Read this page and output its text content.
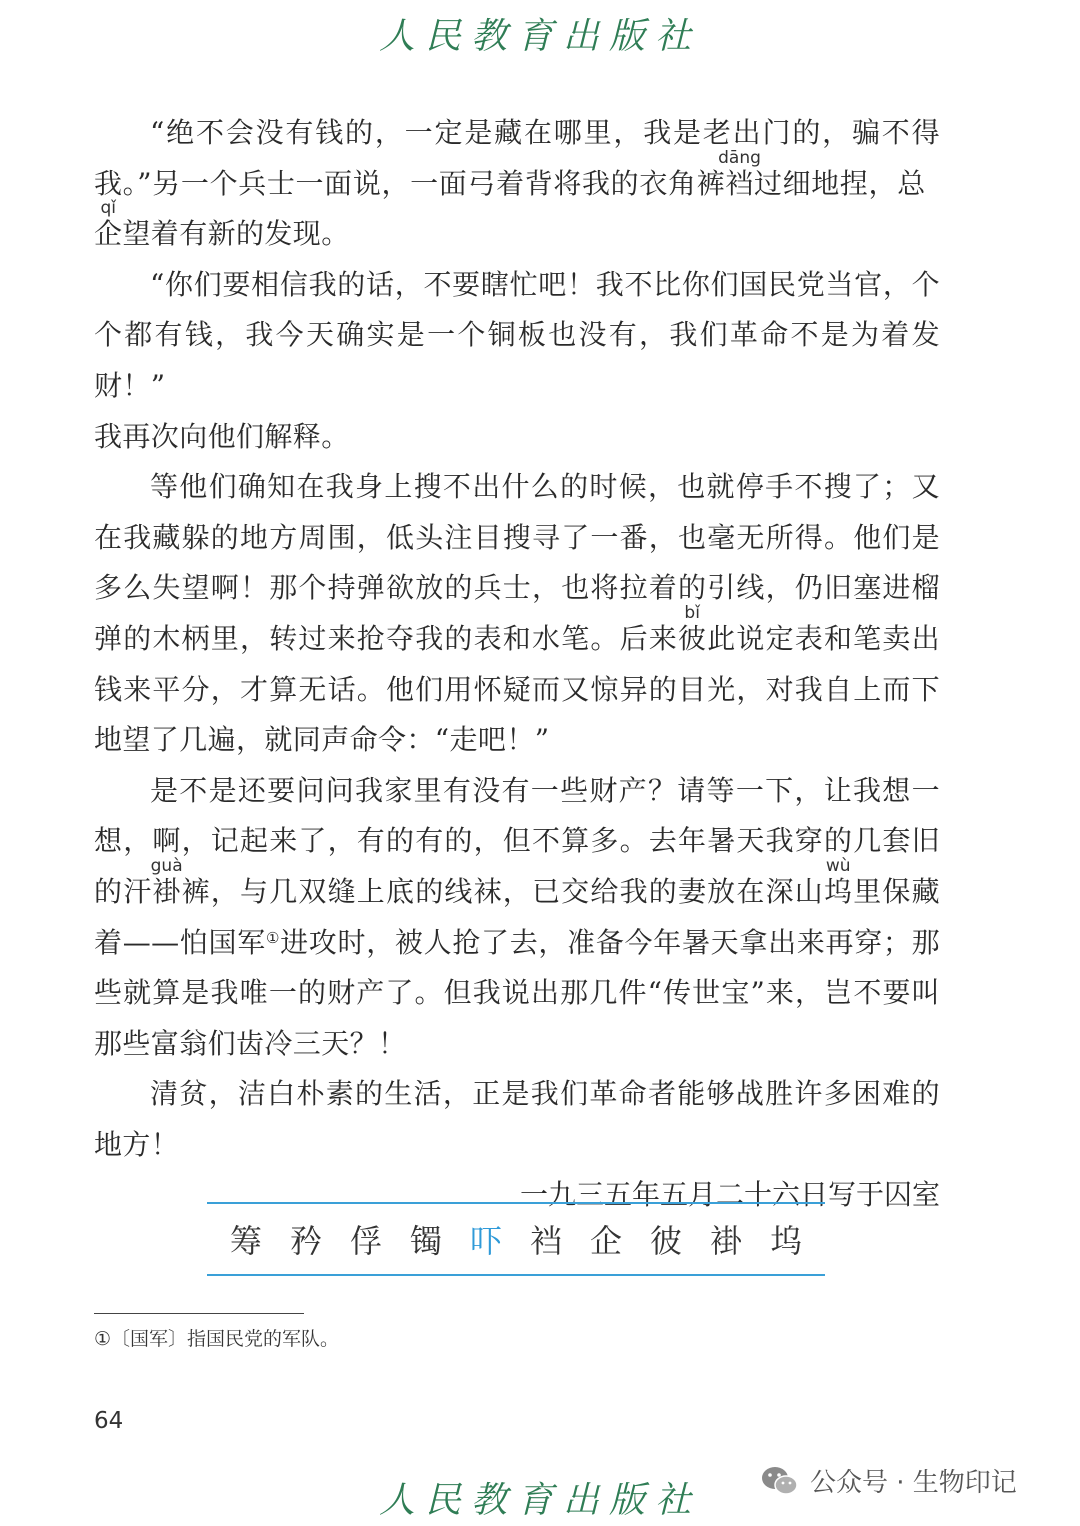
人民教育出版社

“绝不会没有钱的，一定是藏在哪里，我是老出门的，骗不得我。”另一个兵士一面说，一面弓着背将我的衣角裤裆dāng过细地捏，总企qǐ望着有新的发现。

“你们要相信我的话，不要瞎忙吧！我不比你们国民党当官，个个都有钱，我今天确实是一个铜板也没有，我们革命不是为着发财！”

我再次向他们解释。

等他们确知在我身上搜不出什么的时候，也就停手不搜了；又在我藏躲的地方周围，低头注目搜寻了一番，也毫无所得。他们是多么失望啊！那个持弹欲放的兵士，也将拉着的引线，仍旧塞进榴弹的木柄里，转过来抢夺我的表和水笔。后来彼bǐ此说定表和笔卖出钱来平分，才算无话。他们用怀疑而又惊异的目光，对我自上而下地望了几遍，就同声命令：“走吧！”

是不是还要问问我家里有没有一些财产？请等一下，让我想一想，啊，记起来了，有的有的，但不算多。去年暑天我穿的几套旧的汗褂guà裤，与几双缝上底的线袜，已交给我的妻放在深山坞wù里保藏着——怕国军①进攻时，被人抢了去，准备今年暑天拿出来再穿；那些就算是我唯一的财产了。但我说出那几件“传世宝”来，岂不要叫那些富翁们齿冷三天？！

清贫，洁白朴素的生活，正是我们革命者能够战胜许多困难的地方！

一九三五年五月二十六日写于囚室

筹 矜 俘 镯 吓 裆 企 彼 褂 坞
①〔国军〕指国民党的军队。
64
人民教育出版社	公众号 · 生物印记
